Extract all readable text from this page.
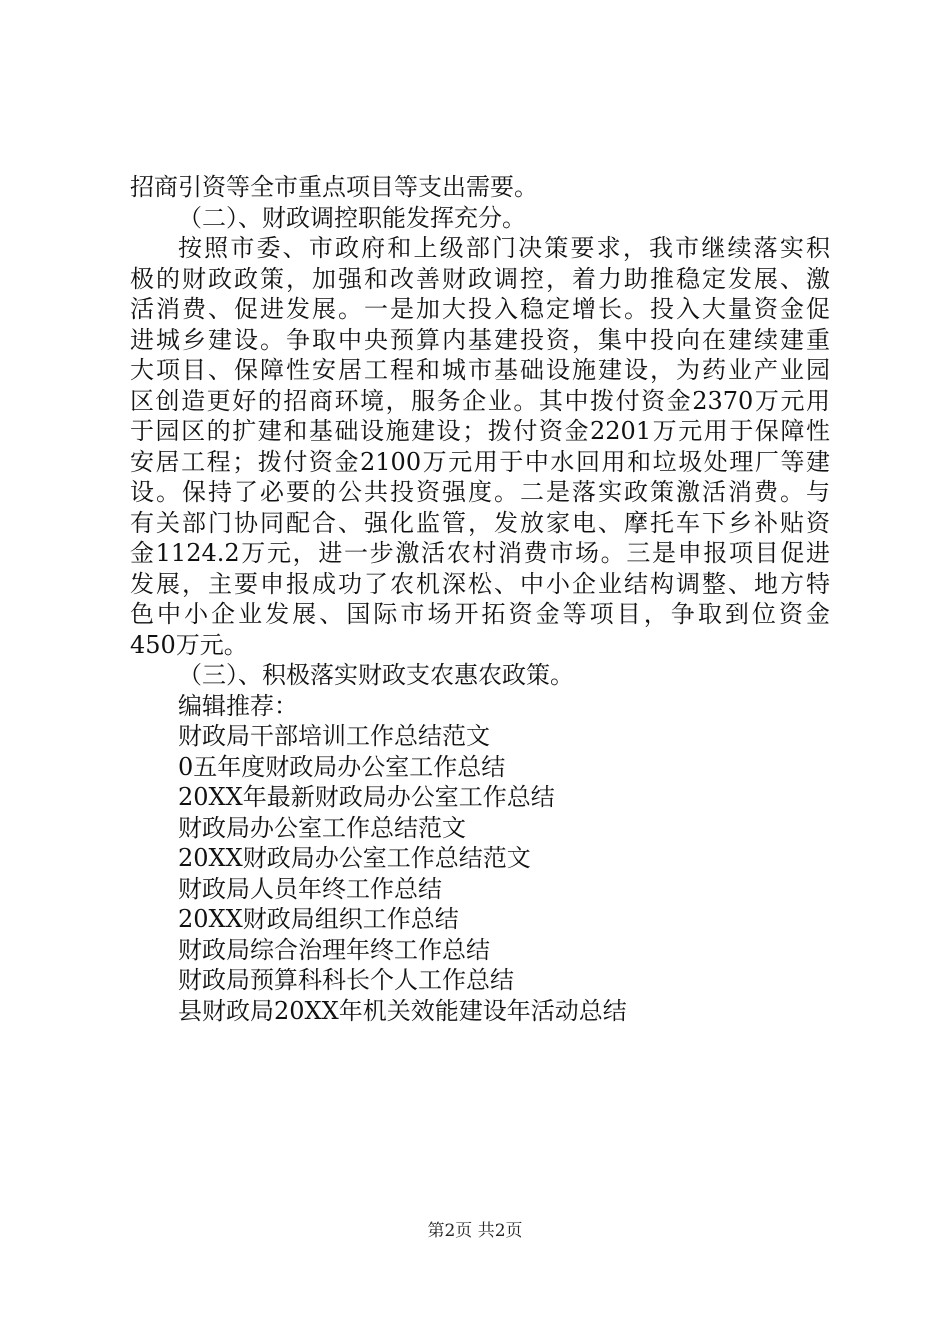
招商引资等全市重点项目等支出需要。
（二）、财政调控职能发挥充分。
按照市委、市政府和上级部门决策要求，我市继续落实积
极的财政政策，加强和改善财政调控，着力助推稳定发展、激
活消费、促进发展。一是加大投入稳定增长。投入大量资金促
进城乡建设。争取中央预算内基建投资，集中投向在建续建重
大项目、保障性安居工程和城市基础设施建设，为药业产业园
区创造更好的招商环境，服务企业。其中拨付资金2370万元用
于园区的扩建和基础设施建设；拨付资金2201万元用于保障性
安居工程；拨付资金2100万元用于中水回用和垃圾处理厂等建
设。保持了必要的公共投资强度。二是落实政策激活消费。与
有关部门协同配合、强化监管，发放家电、摩托车下乡补贴资
金1124.2万元，进一步激活农村消费市场。三是申报项目促进
发展，主要申报成功了农机深松、中小企业结构调整、地方特
色中小企业发展、国际市场开拓资金等项目，争取到位资金
450万元。
（三）、积极落实财政支农惠农政策。
编辑推荐：
财政局干部培训工作总结范文
0五年度财政局办公室工作总结
20XX年最新财政局办公室工作总结
财政局办公室工作总结范文
20XX财政局办公室工作总结范文
财政局人员年终工作总结
20XX财政局组织工作总结
财政局综合治理年终工作总结
财政局预算科科长个人工作总结
县财政局20XX年机关效能建设年活动总结
第2页 共2页
